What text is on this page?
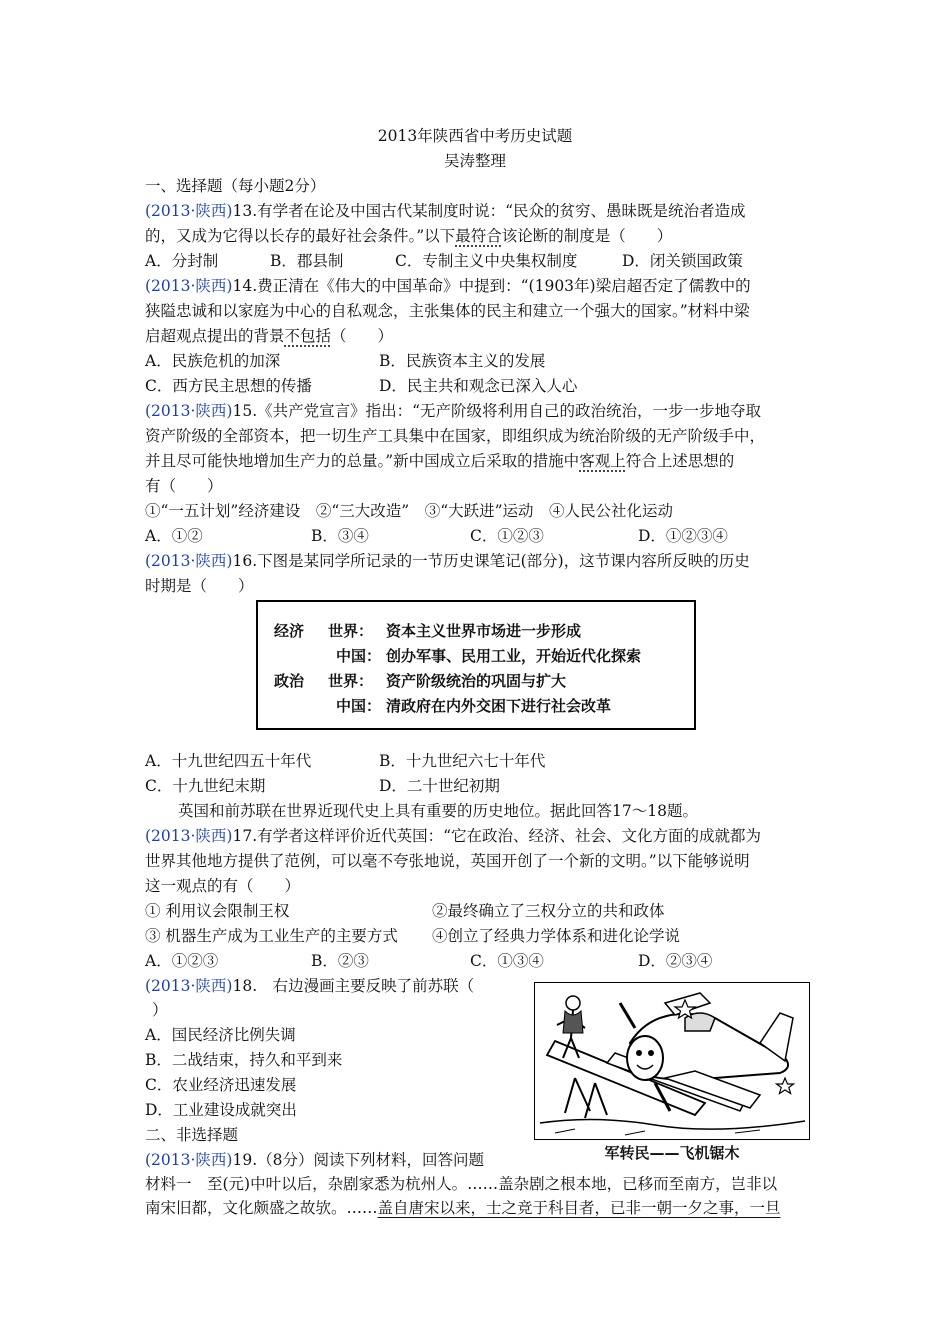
2013年陕西省中考历史试题
吴涛整理
一、选择题（每小题2分）
(2013·陕西)13.有学者在论及中国古代某制度时说：“民众的贫穷、愚昧既是统治者造成
的，又成为它得以长存的最好社会条件。”以下最符合该论断的制度是（　　）
A．分封制	B．郡县制	C．专制主义中央集权制度	D．闭关锁国政策
(2013·陕西)14.费正清在《伟大的中国革命》中提到：“(1903年)梁启超否定了儒教中的
狭隘忠诚和以家庭为中心的自私观念，主张集体的民主和建立一个强大的国家。”材料中梁
启超观点提出的背景不包括（　　）
A．民族危机的加深	B．民族资本主义的发展
C．西方民主思想的传播	D．民主共和观念已深入人心
(2013·陕西)15.《共产党宣言》指出：“无产阶级将利用自己的政治统治，一步一步地夺取
资产阶级的全部资本，把一切生产工具集中在国家，即组织成为统治阶级的无产阶级手中，
并且尽可能快地增加生产力的总量。”新中国成立后采取的措施中客观上符合上述思想的
有（　　）
①“一五计划”经济建设　②“三大改造”　③“大跃进”运动　④人民公社化运动
A．①②	B．③④	C．①②③	D．①②③④
(2013·陕西)16.下图是某同学所记录的一节历史课笔记(部分)，这节课内容所反映的历史
时期是（　　）
经济 世界： 资本主义世界市场进一步形成
中国： 创办军事、民用工业，开始近代化探索
政治 世界： 资产阶级统治的巩固与扩大
中国： 清政府在内外交困下进行社会改革
A．十九世纪四五十年代	B．十九世纪六七十年代
C．十九世纪末期	D．二十世纪初期
英国和前苏联在世界近现代史上具有重要的历史地位。据此回答17～18题。
(2013·陕西)17.有学者这样评价近代英国：“它在政治、经济、社会、文化方面的成就都为
世界其他地方提供了范例，可以毫不夸张地说，英国开创了一个新的文明。”以下能够说明
这一观点的有（　　）
① 利用议会限制王权	②最终确立了三权分立的共和政体
③ 机器生产成为工业生产的主要方式 ④创立了经典力学体系和进化论学说
A．①②③	B．②③	C．①③④	D．②③④
(2013·陕西)18.　右边漫画主要反映了前苏联（
）
A．国民经济比例失调
B．二战结束，持久和平到来
C．农业经济迅速发展
D．工业建设成就突出
军转民——飞机锯木
二、非选择题
(2013·陕西)19.（8分）阅读下列材料，回答问题
材料一　至(元)中叶以后，杂剧家悉为杭州人。……盖杂剧之根本地，已移而至南方，岂非以
南宋旧都，文化颇盛之故欤。……盖自唐宋以来，士之竞于科目者，已非一朝一夕之事，一旦
